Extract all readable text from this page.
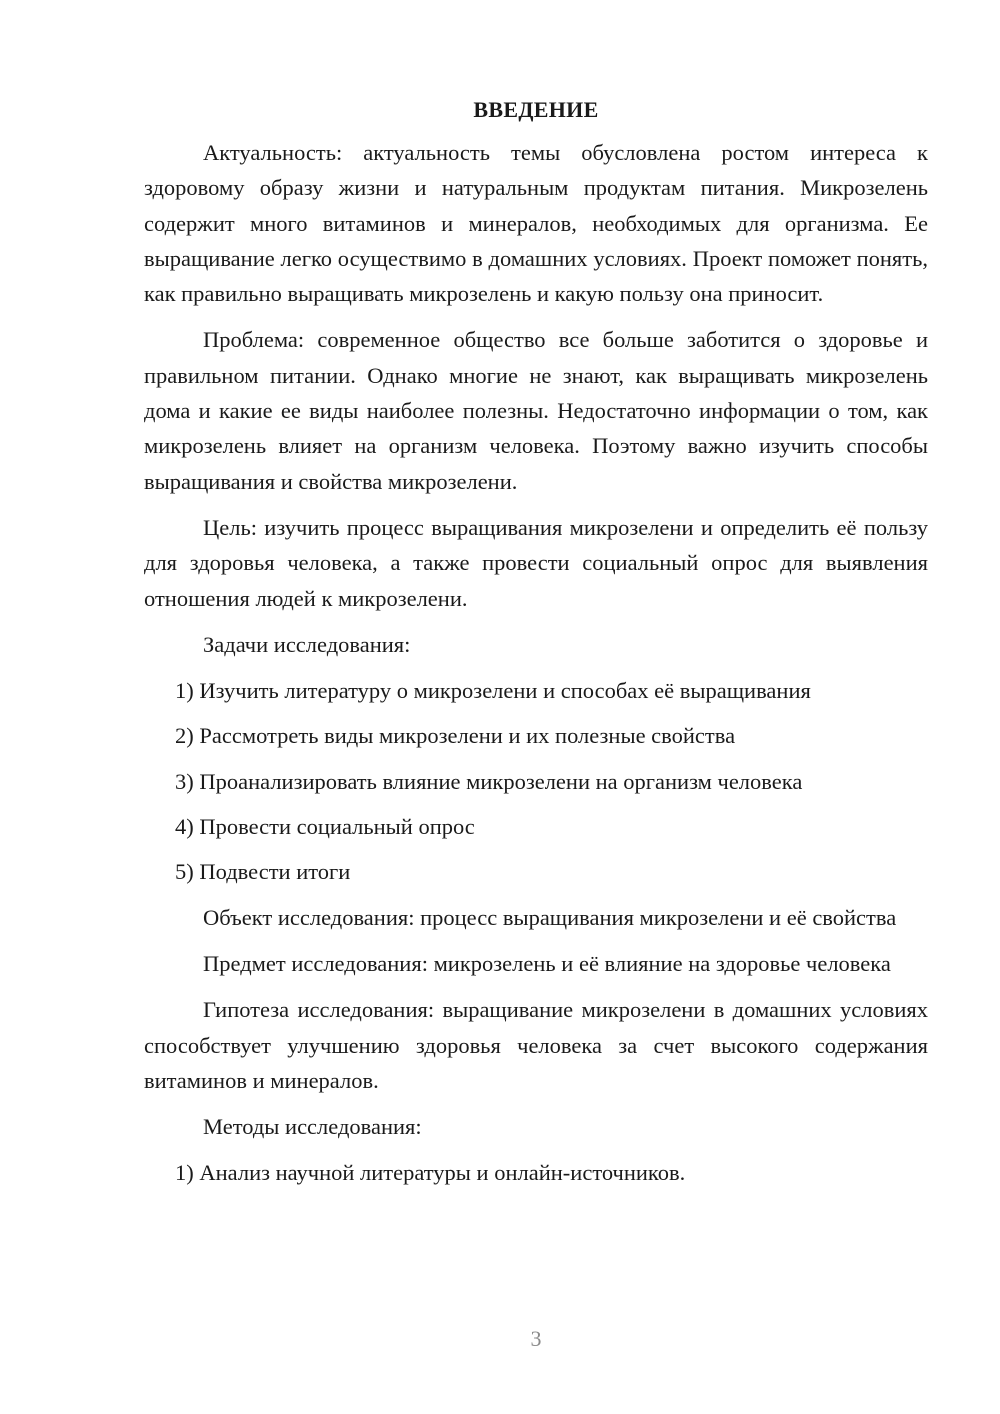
ВВЕДЕНИЕ

Актуальность: актуальность темы обусловлена ростом интереса к здоровому образу жизни и натуральным продуктам питания. Микрозелень содержит много витаминов и минералов, необходимых для организма. Ее выращивание легко осуществимо в домашних условиях. Проект поможет понять, как правильно выращивать микрозелень и какую пользу она приносит.

Проблема: современное общество все больше заботится о здоровье и правильном питании. Однако многие не знают, как выращивать микрозелень дома и какие ее виды наиболее полезны. Недостаточно информации о том, как микрозелень влияет на организм человека. Поэтому важно изучить способы выращивания и свойства микрозелени.

Цель: изучить процесс выращивания микрозелени и определить её пользу для здоровья человека, а также провести социальный опрос для выявления отношения людей к микрозелени.

Задачи исследования:

1) Изучить литературу о микрозелени и способах её выращивания

2) Рассмотреть виды микрозелени и их полезные свойства

3) Проанализировать влияние микрозелени на организм человека

4) Провести социальный опрос

5) Подвести итоги

Объект исследования: процесс выращивания микрозелени и её свойства

Предмет исследования: микрозелень и её влияние на здоровье человека

Гипотеза исследования: выращивание микрозелени в домашних условиях способствует улучшению здоровья человека за счет высокого содержания витаминов и минералов.

Методы исследования:

1) Анализ научной литературы и онлайн-источников.

3
